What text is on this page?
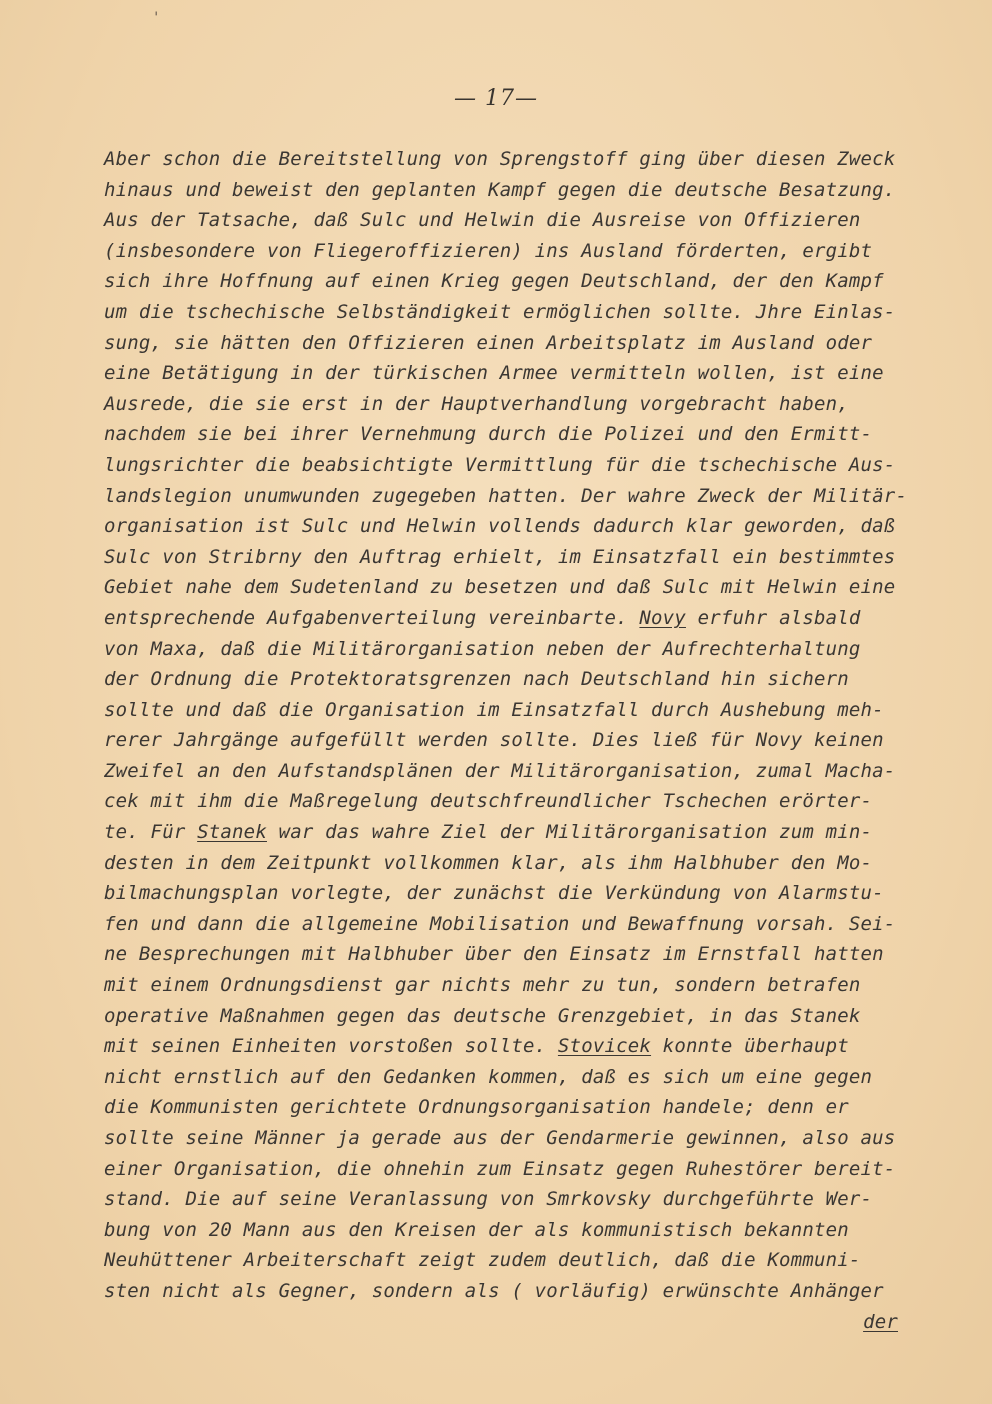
'
— 17—
Aber schon die Bereitstellung von Sprengstoff ging über diesen Zweck
hinaus und beweist den geplanten Kampf gegen die deutsche Besatzung.
Aus der Tatsache, daß Sulc und Helwin die Ausreise von Offizieren
(insbesondere von Fliegeroffizieren) ins Ausland förderten, ergibt
sich ihre Hoffnung auf einen Krieg gegen Deutschland, der den Kampf
um die tschechische Selbständigkeit ermöglichen sollte. Jhre Einlas-
sung, sie hätten den Offizieren einen Arbeitsplatz im Ausland oder
eine Betätigung in der türkischen Armee vermitteln wollen, ist eine
Ausrede, die sie erst in der Hauptverhandlung vorgebracht haben,
nachdem sie bei ihrer Vernehmung durch die Polizei und den Ermitt-
lungsrichter die beabsichtigte Vermittlung für die tschechische Aus-
landslegion unumwunden zugegeben hatten. Der wahre Zweck der Militär-
organisation ist Sulc und Helwin vollends dadurch klar geworden, daß
Sulc von Stribrny den Auftrag erhielt, im Einsatzfall ein bestimmtes
Gebiet nahe dem Sudetenland zu besetzen und daß Sulc mit Helwin eine
entsprechende Aufgabenverteilung vereinbarte. Novy erfuhr alsbald
von Maxa, daß die Militärorganisation neben der Aufrechterhaltung
der Ordnung die Protektoratsgrenzen nach Deutschland hin sichern
sollte und daß die Organisation im Einsatzfall durch Aushebung meh-
rerer Jahrgänge aufgefüllt werden sollte. Dies ließ für Novy keinen
Zweifel an den Aufstandsplänen der Militärorganisation, zumal Macha-
cek mit ihm die Maßregelung deutschfreundlicher Tschechen erörter-
te. Für Stanek war das wahre Ziel der Militärorganisation zum min-
desten in dem Zeitpunkt vollkommen klar, als ihm Halbhuber den Mo-
bilmachungsplan vorlegte, der zunächst die Verkündung von Alarmstu-
fen und dann die allgemeine Mobilisation und Bewaffnung vorsah. Sei-
ne Besprechungen mit Halbhuber über den Einsatz im Ernstfall hatten
mit einem Ordnungsdienst gar nichts mehr zu tun, sondern betrafen
operative Maßnahmen gegen das deutsche Grenzgebiet, in das Stanek
mit seinen Einheiten vorstoßen sollte. Stovicek konnte überhaupt
nicht ernstlich auf den Gedanken kommen, daß es sich um eine gegen
die Kommunisten gerichtete Ordnungsorganisation handele; denn er
sollte seine Männer ja gerade aus der Gendarmerie gewinnen, also aus
einer Organisation, die ohnehin zum Einsatz gegen Ruhestörer bereit-
stand. Die auf seine Veranlassung von Smrkovsky durchgeführte Wer-
bung von 20 Mann aus den Kreisen der als kommunistisch bekannten
Neuhüttener Arbeiterschaft zeigt zudem deutlich, daß die Kommuni-
sten nicht als Gegner, sondern als ( vorläufig) erwünschte Anhänger
der
